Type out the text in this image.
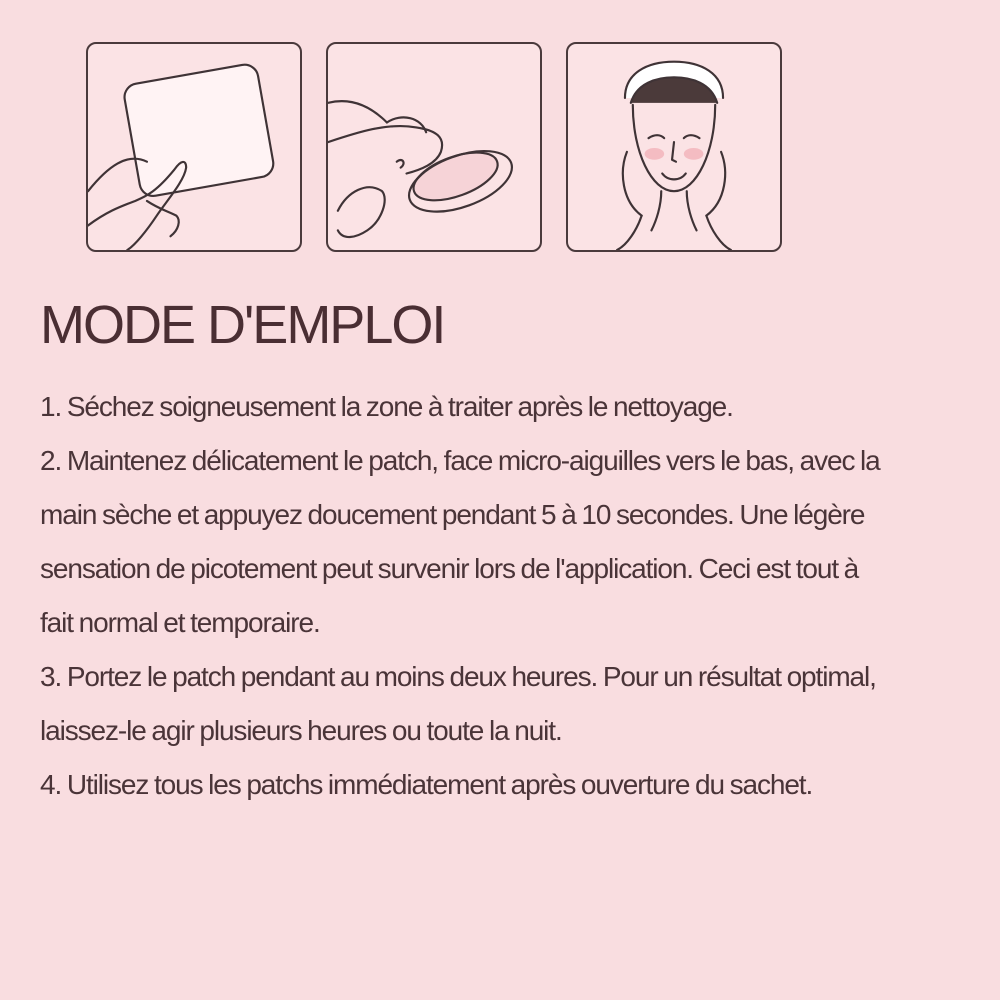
MODE D'EMPLOI

1. Séchez soigneusement la zone à traiter après le nettoyage.

2. Maintenez délicatement le patch, face micro-aiguilles vers le bas, avec la main sèche et appuyez doucement pendant 5 à 10 secondes. Une légère sensation de picotement peut survenir lors de l'application. Ceci est tout à fait normal et temporaire.

3. Portez le patch pendant au moins deux heures. Pour un résultat optimal, laissez-le agir plusieurs heures ou toute la nuit.

4. Utilisez tous les patchs immédiatement après ouverture du sachet.
